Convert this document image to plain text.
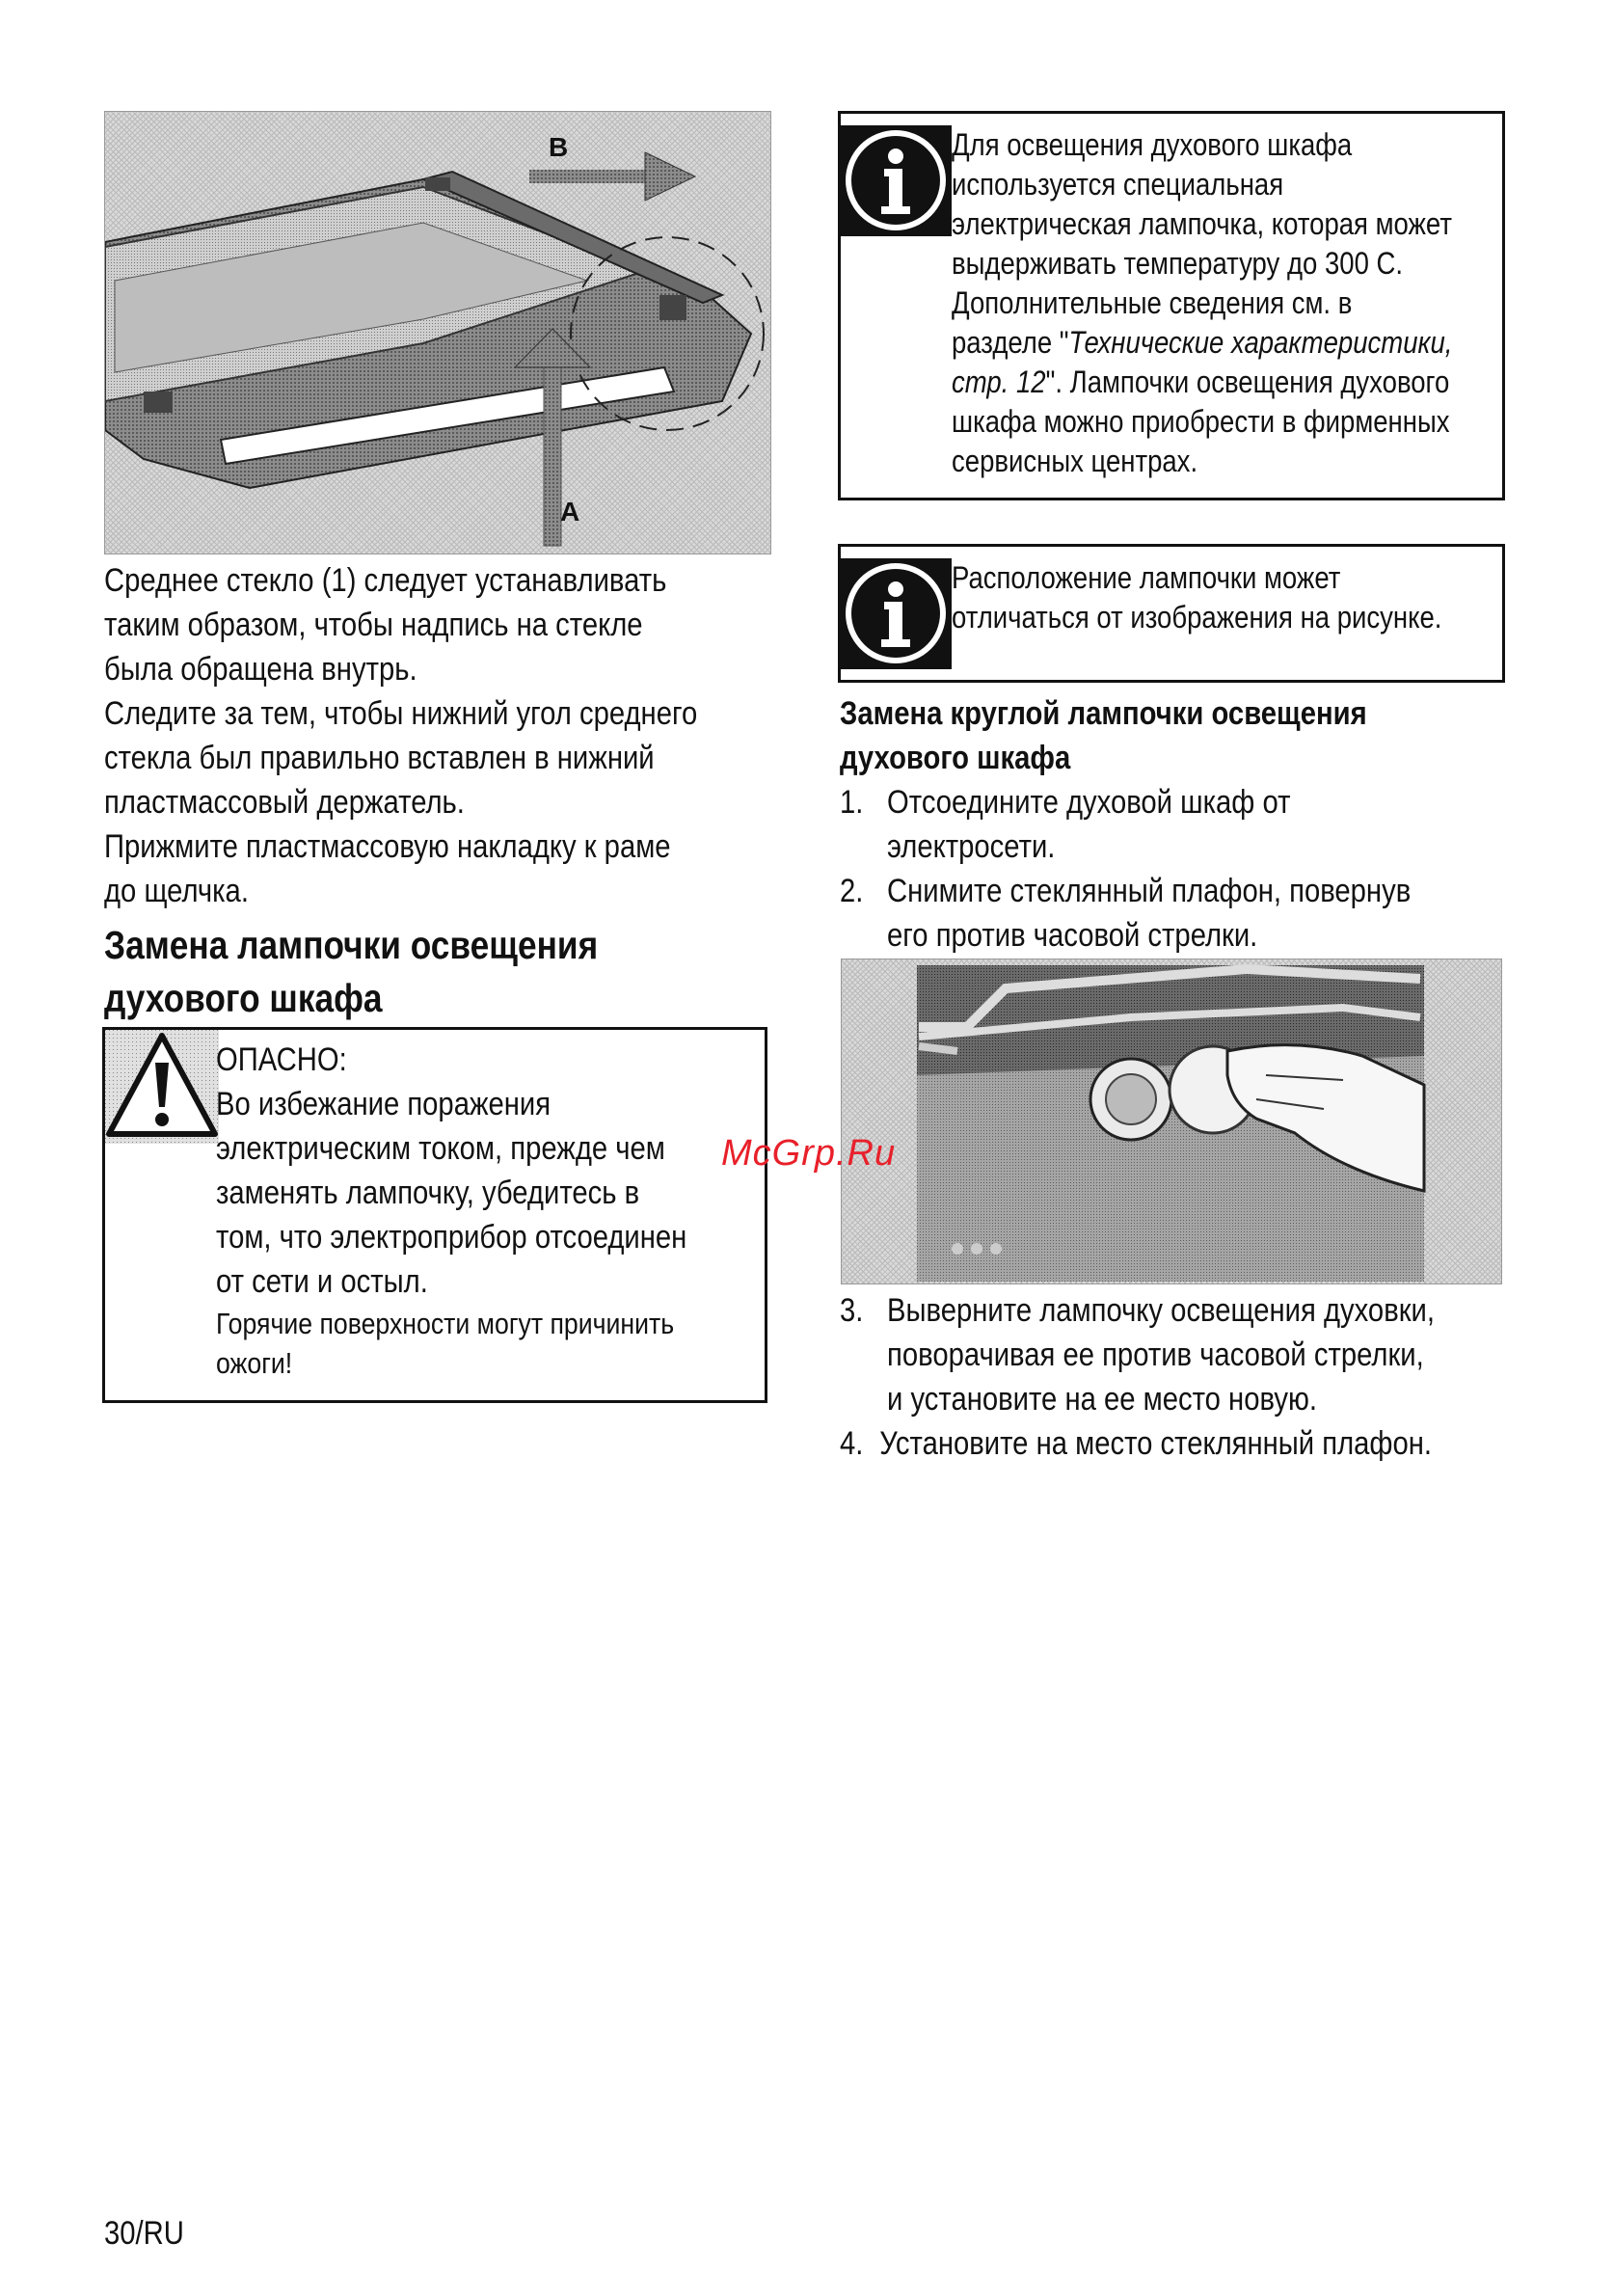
B
A
Среднее стекло (1) следует устанавливать
таким образом, чтобы надпись на стекле
была обращена внутрь.
Следите за тем, чтобы нижний угол среднего
стекла был правильно вставлен в нижний
пластмассовый держатель.
Прижмите пластмассовую накладку к раме
до щелчка.
Замена лампочки освещения
духового шкафа
ОПАСНО:
Во избежание поражения
электрическим током, прежде чем
заменять лампочку, убедитесь в
том, что электроприбор отсоединен
от сети и остыл.
Горячие поверхности могут причинить
ожоги!
Для освещения духового шкафа
используется специальная
электрическая лампочка, которая может
выдерживать температуру до 300 С.
Дополнительные сведения см. в
разделе "Технические характеристики,
стр. 12". Лампочки освещения духового
шкафа можно приобрести в фирменных
сервисных центрах.
Расположение лампочки может
отличаться от изображения на рисунке.
Замена круглой лампочки освещения
духового шкафа
1. Отсоедините духовой шкаф от
электросети.
2. Снимите стеклянный плафон, повернув
его против часовой стрелки.
3. Выверните лампочку освещения духовки,
поворачивая ее против часовой стрелки,
и установите на ее место новую.
4. Установите на место стеклянный плафон.
McGrp.Ru
30/RU
